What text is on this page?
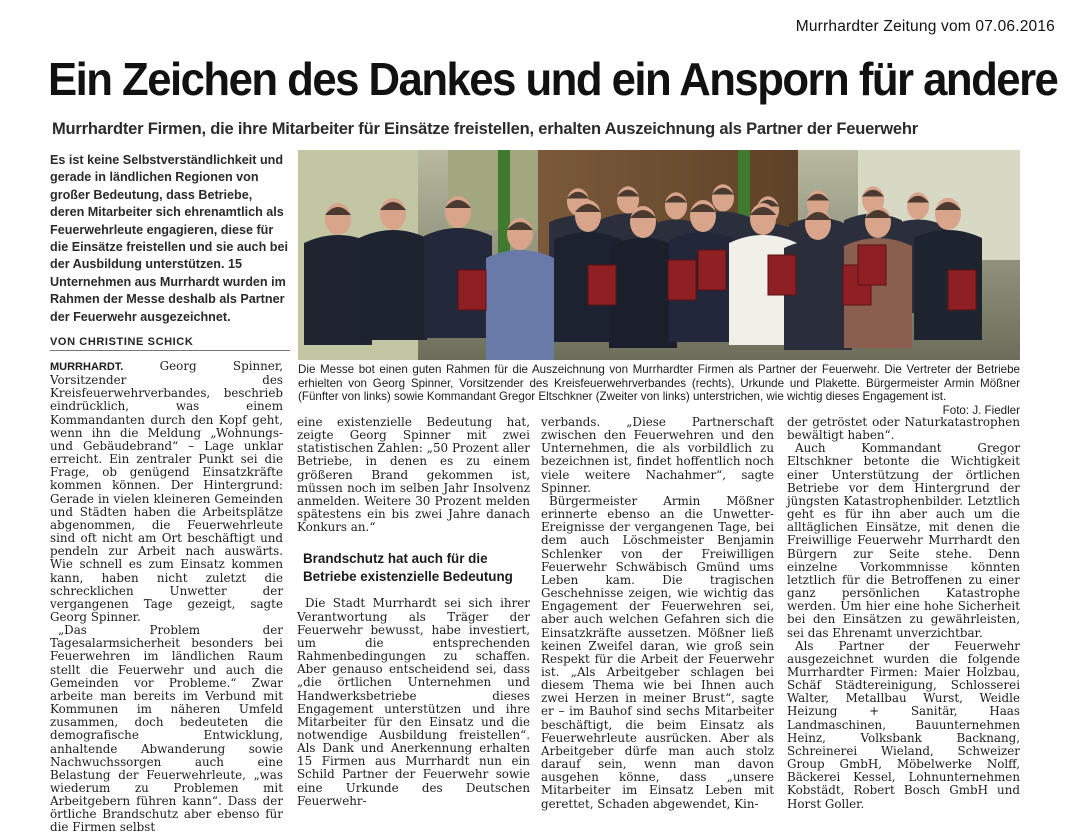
Murrhardter Zeitung vom 07.06.2016
Ein Zeichen des Dankes und ein Ansporn für andere
Murrhardter Firmen, die ihre Mitarbeiter für Einsätze freistellen, erhalten Auszeichnung als Partner der Feuerwehr
Es ist keine Selbstverständlichkeit und gerade in ländlichen Regionen von großer Bedeutung, dass Betriebe, deren Mitarbeiter sich ehrenamtlich als Feuerwehrleute engagieren, diese für die Einsätze freistellen und sie auch bei der Ausbildung unterstützen. 15 Unternehmen aus Murrhardt wurden im Rahmen der Messe deshalb als Partner der Feuerwehr ausgezeichnet.
VON CHRISTINE SCHICK
Die Messe bot einen guten Rahmen für die Auszeichnung von Murrhardter Firmen als Partner der Feuerwehr. Die Vertreter der Betriebe erhielten von Georg Spinner, Vorsitzender des Kreisfeuerwehrverbandes (rechts), Urkunde und Plakette. Bürgermeister Armin Mößner (Fünfter von links) sowie Kommandant Gregor Eltschkner (Zweiter von links) unterstrichen, wie wichtig dieses Engagement ist.
Foto: J. Fiedler

MURRHARDT.	Georg Spinner, Vorsitzender des Kreisfeuerwehrverbandes, beschrieb eindrücklich, was einem Kommandanten durch den Kopf geht, wenn ihn die Meldung „Wohnungs- und Gebäudebrand“ – Lage unklar erreicht. Ein zentraler Punkt sei die Frage, ob genügend Einsatzkräfte kommen können. Der Hintergrund: Gerade in vielen kleineren Gemeinden und Städten haben die Arbeitsplätze abgenommen, die Feuerwehrleute sind oft nicht am Ort beschäftigt und pendeln zur Arbeit nach auswärts. Wie schnell es zum Einsatz kommen kann, haben nicht zuletzt die schrecklichen Unwetter der vergangenen Tage gezeigt, sagte Georg Spinner.

„Das Problem der Tagesalarmsicherheit besonders bei Feuerwehren im ländlichen Raum stellt die Feuerwehr und auch die Gemeinden vor Probleme.“ Zwar arbeite man bereits im Verbund mit Kommunen im näheren Umfeld zusammen, doch bedeuteten die demografische Entwicklung, anhaltende Abwanderung sowie Nachwuchssorgen auch eine Belastung der Feuerwehrleute, „was wiederum zu Problemen mit Arbeitgebern führen kann“. Dass der örtliche Brandschutz aber ebenso für die Firmen selbst

eine existenzielle Bedeutung hat, zeigte Georg Spinner mit zwei statistischen Zahlen: „50 Prozent aller Betriebe, in denen es zu einem größeren Brand gekommen ist, müssen noch im selben Jahr Insolvenz anmelden. Weitere 30 Prozent melden spätestens ein bis zwei Jahre danach Konkurs an.“

Brandschutz hat auch für die Betriebe existenzielle Bedeutung

Die Stadt Murrhardt sei sich ihrer Verantwortung als Träger der Feuerwehr bewusst, habe investiert, um die entsprechenden Rahmenbedingungen zu schaffen. Aber genauso entscheidend sei, dass „die örtlichen Unternehmen und Handwerksbetriebe dieses Engagement unterstützen und ihre Mitarbeiter für den Einsatz und die notwendige Ausbildung freistellen“. Als Dank und Anerkennung erhalten 15 Firmen aus Murrhardt nun ein Schild Partner der Feuerwehr sowie eine Urkunde des Deutschen Feuerwehr-

verbands. „Diese Partnerschaft zwischen den Feuerwehren und den Unternehmen, die als vorbildlich zu bezeichnen ist, findet hoffentlich noch viele weitere Nachahmer“, sagte Spinner.

Bürgermeister Armin Mößner erinnerte ebenso an die Unwetter-Ereignisse der vergangenen Tage, bei dem auch Löschmeister Benjamin Schlenker von der Freiwilligen Feuerwehr Schwäbisch Gmünd ums Leben kam. Die tragischen Geschehnisse zeigen, wie wichtig das Engagement der Feuerwehren sei, aber auch welchen Gefahren sich die Einsatzkräfte aussetzen. Mößner ließ keinen Zweifel daran, wie groß sein Respekt für die Arbeit der Feuerwehr ist. „Als Arbeitgeber schlagen bei diesem Thema wie bei Ihnen auch zwei Herzen in meiner Brust“, sagte er – im Bauhof sind sechs Mitarbeiter beschäftigt, die beim Einsatz als Feuerwehrleute ausrücken. Aber als Arbeitgeber dürfe man auch stolz darauf sein, wenn man davon ausgehen könne, dass „unsere Mitarbeiter im Einsatz Leben mit gerettet, Schaden abgewendet, Kin-

der getröstet oder Naturkatastrophen bewältigt haben“.

Auch Kommandant Gregor Eltschkner betonte die Wichtigkeit einer Unterstützung der örtlichen Betriebe vor dem Hintergrund der jüngsten Katastrophenbilder. Letztlich geht es für ihn aber auch um die alltäglichen Einsätze, mit denen die Freiwillige Feuerwehr Murrhardt den Bürgern zur Seite stehe. Denn einzelne Vorkommnisse könnten letztlich für die Betroffenen zu einer ganz persönlichen Katastrophe werden. Um hier eine hohe Sicherheit bei den Einsätzen zu gewährleisten, sei das Ehrenamt unverzichtbar.

Als Partner der Feuerwehr ausgezeichnet wurden die folgende Murrhardter Firmen: Maier Holzbau, Schäf Städtereinigung, Schlosserei Walter, Metallbau Wurst, Weidle Heizung + Sanitär, Haas Landmaschinen, Bauunternehmen Heinz, Volksbank Backnang, Schreinerei Wieland, Schweizer Group GmbH, Möbelwerke Nolff, Bäckerei Kessel, Lohnunternehmen Kobstädt, Robert Bosch GmbH und Horst Goller.
